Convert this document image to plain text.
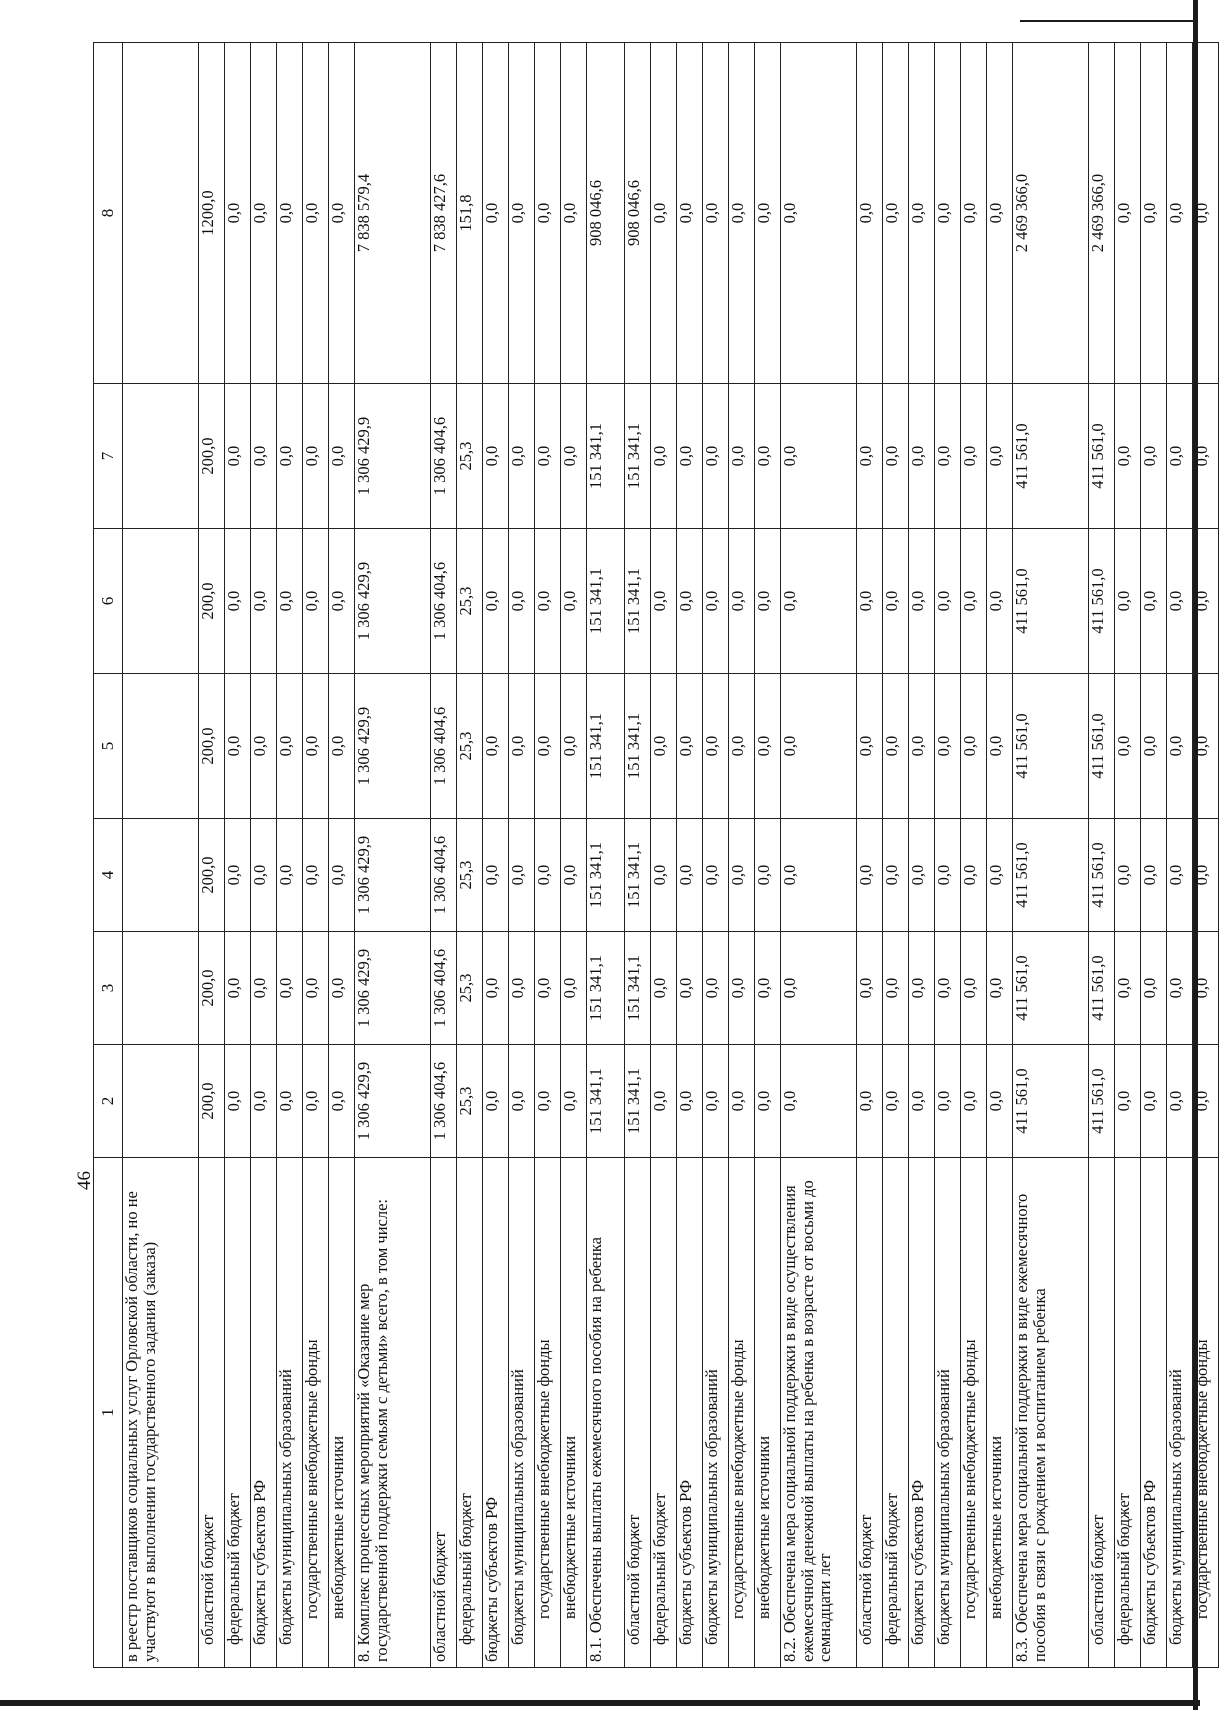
46
1	2	3	4	5	6	7	8
в реестр поставщиков социальных услуг Орловской области, но не участвуют в выполнении государственного задания (заказа)							
областной бюджет	200,0	200,0	200,0	200,0	200,0	200,0	1200,0
федеральный бюджет	0,0	0,0	0,0	0,0	0,0	0,0	0,0
бюджеты субъектов РФ	0,0	0,0	0,0	0,0	0,0	0,0	0,0
бюджеты муниципальных образований	0,0	0,0	0,0	0,0	0,0	0,0	0,0
государственные внебюджетные фонды	0,0	0,0	0,0	0,0	0,0	0,0	0,0
внебюджетные источники	0,0	0,0	0,0	0,0	0,0	0,0	0,0
8. Комплекс процессных мероприятий «Оказание мер государственной поддержки семьям с детьми» всего, в том числе:	1 306 429,9	1 306 429,9	1 306 429,9	1 306 429,9	1 306 429,9	1 306 429,9	7 838 579,4
областной бюджет	1 306 404,6	1 306 404,6	1 306 404,6	1 306 404,6	1 306 404,6	1 306 404,6	7 838 427,6
федеральный бюджет	25,3	25,3	25,3	25,3	25,3	25,3	151,8
бюджеты субъектов РФ	0,0	0,0	0,0	0,0	0,0	0,0	0,0
бюджеты муниципальных образований	0,0	0,0	0,0	0,0	0,0	0,0	0,0
государственные внебюджетные фонды	0,0	0,0	0,0	0,0	0,0	0,0	0,0
внебюджетные источники	0,0	0,0	0,0	0,0	0,0	0,0	0,0
8.1. Обеспечены выплаты ежемесячного пособия на ребенка	151 341,1	151 341,1	151 341,1	151 341,1	151 341,1	151 341,1	908 046,6
областной бюджет	151 341,1	151 341,1	151 341,1	151 341,1	151 341,1	151 341,1	908 046,6
федеральный бюджет	0,0	0,0	0,0	0,0	0,0	0,0	0,0
бюджеты субъектов РФ	0,0	0,0	0,0	0,0	0,0	0,0	0,0
бюджеты муниципальных образований	0,0	0,0	0,0	0,0	0,0	0,0	0,0
государственные внебюджетные фонды	0,0	0,0	0,0	0,0	0,0	0,0	0,0
внебюджетные источники	0,0	0,0	0,0	0,0	0,0	0,0	0,0
8.2. Обеспечена мера социальной поддержки в виде осуществления ежемесячной денежной выплаты на ребенка в возрасте от восьми до семнадцати лет	0,0	0,0	0,0	0,0	0,0	0,0	0,0
областной бюджет	0,0	0,0	0,0	0,0	0,0	0,0	0,0
федеральный бюджет	0,0	0,0	0,0	0,0	0,0	0,0	0,0
бюджеты субъектов РФ	0,0	0,0	0,0	0,0	0,0	0,0	0,0
бюджеты муниципальных образований	0,0	0,0	0,0	0,0	0,0	0,0	0,0
государственные внебюджетные фонды	0,0	0,0	0,0	0,0	0,0	0,0	0,0
внебюджетные источники	0,0	0,0	0,0	0,0	0,0	0,0	0,0
8.3. Обеспечена мера социальной поддержки в виде ежемесячного пособия в связи с рождением и воспитанием ребенка	411 561,0	411 561,0	411 561,0	411 561,0	411 561,0	411 561,0	2 469 366,0
областной бюджет	411 561,0	411 561,0	411 561,0	411 561,0	411 561,0	411 561,0	2 469 366,0
федеральный бюджет	0,0	0,0	0,0	0,0	0,0	0,0	0,0
бюджеты субъектов РФ	0,0	0,0	0,0	0,0	0,0	0,0	0,0
бюджеты муниципальных образований	0,0	0,0	0,0	0,0	0,0	0,0	0,0
государственные внебюджетные фонды	0,0	0,0	0,0	0,0	0,0	0,0	0,0
